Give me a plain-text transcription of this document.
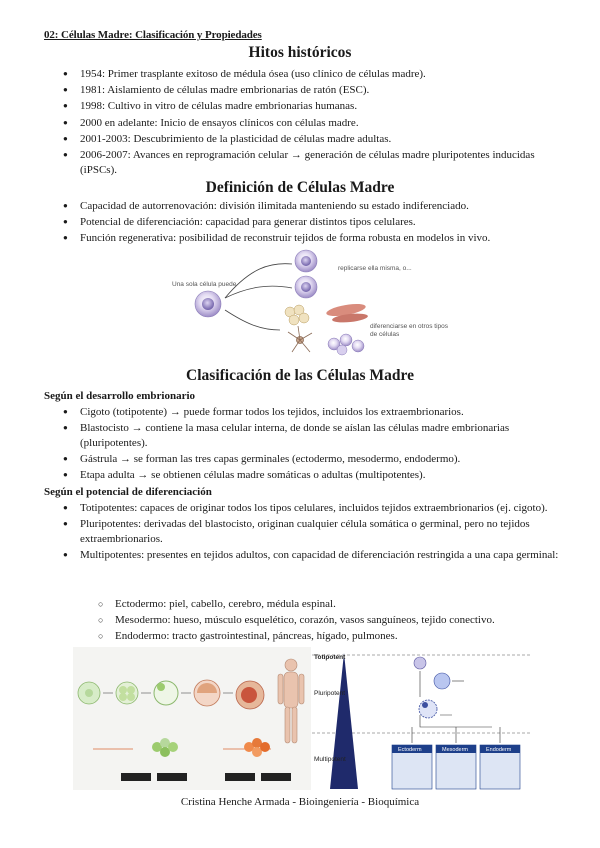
02: Células Madre: Clasificación y Propiedades
Hitos históricos
● 1954: Primer trasplante exitoso de médula ósea (uso clínico de células madre).
● 1981: Aislamiento de células madre embrionarias de ratón (ESC).
● 1998: Cultivo in vitro de células madre embrionarias humanas.
● 2000 en adelante: Inicio de ensayos clínicos con células madre.
● 2001-2003: Descubrimiento de la plasticidad de células madre adultas.
● 2006-2007: Avances en reprogramación celular → generación de células madre pluripotentes inducidas (iPSCs).
Definición de Células Madre
● Capacidad de autorrenovación: división ilimitada manteniendo su estado indiferenciado.
● Potencial de diferenciación: capacidad para generar distintos tipos celulares.
● Función regenerativa: posibilidad de reconstruir tejidos de forma robusta en modelos in vivo.
Una sola célula puede
replicarse ella misma, o...
diferenciarse en otros tipos
de células
Clasificación de las Células Madre
Según el desarrollo embrionario
● Cigoto (totipotente) → puede formar todos los tejidos, incluidos los extraembrionarios.
● Blastocisto → contiene la masa celular interna, de donde se aíslan las células madre embrionarias (pluripotentes).
● Gástrula → se forman las tres capas germinales (ectodermo, mesodermo, endodermo).
● Etapa adulta → se obtienen células madre somáticas o adultas (multipotentes).
Según el potencial de diferenciación
● Totipotentes: capaces de originar todos los tipos celulares, incluidos tejidos extraembrionarios (ej. cigoto).
● Pluripotentes: derivadas del blastocisto, originan cualquier célula somática o germinal, pero no tejidos extraembrionarios.
● Multipotentes: presentes en tejidos adultos, con capacidad de diferenciación restringida a una capa germinal:
○ Ectodermo: piel, cabello, cerebro, médula espinal.
○ Mesodermo: hueso, músculo esquelético, corazón, vasos sanguíneos, tejido conectivo.
○ Endodermo: tracto gastrointestinal, páncreas, hígado, pulmones.
Totipotent
Pluripotent
Multipotent
Ectoderm	Mesoderm	Endoderm
Cristina Henche Armada - Bioingeniería - Bioquímica
